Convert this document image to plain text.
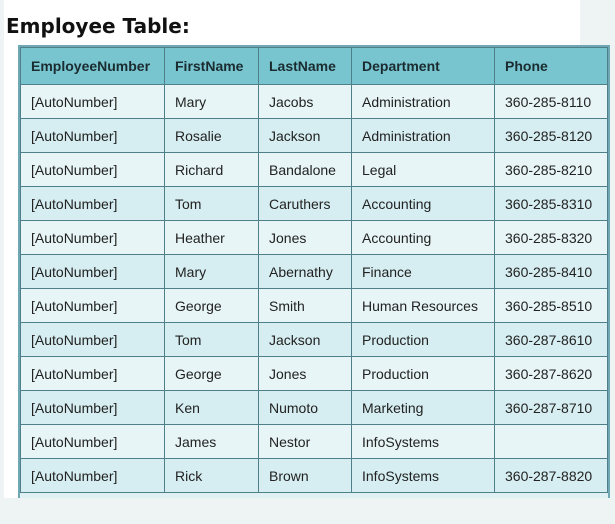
Employee Table:
EmployeeNumber	FirstName	LastName	Department	Phone
[AutoNumber]	Mary	Jacobs	Administration	360-285-8110
[AutoNumber]	Rosalie	Jackson	Administration	360-285-8120
[AutoNumber]	Richard	Bandalone	Legal	360-285-8210
[AutoNumber]	Tom	Caruthers	Accounting	360-285-8310
[AutoNumber]	Heather	Jones	Accounting	360-285-8320
[AutoNumber]	Mary	Abernathy	Finance	360-285-8410
[AutoNumber]	George	Smith	Human Resources	360-285-8510
[AutoNumber]	Tom	Jackson	Production	360-287-8610
[AutoNumber]	George	Jones	Production	360-287-8620
[AutoNumber]	Ken	Numoto	Marketing	360-287-8710
[AutoNumber]	James	Nestor	InfoSystems	
[AutoNumber]	Rick	Brown	InfoSystems	360-287-8820
